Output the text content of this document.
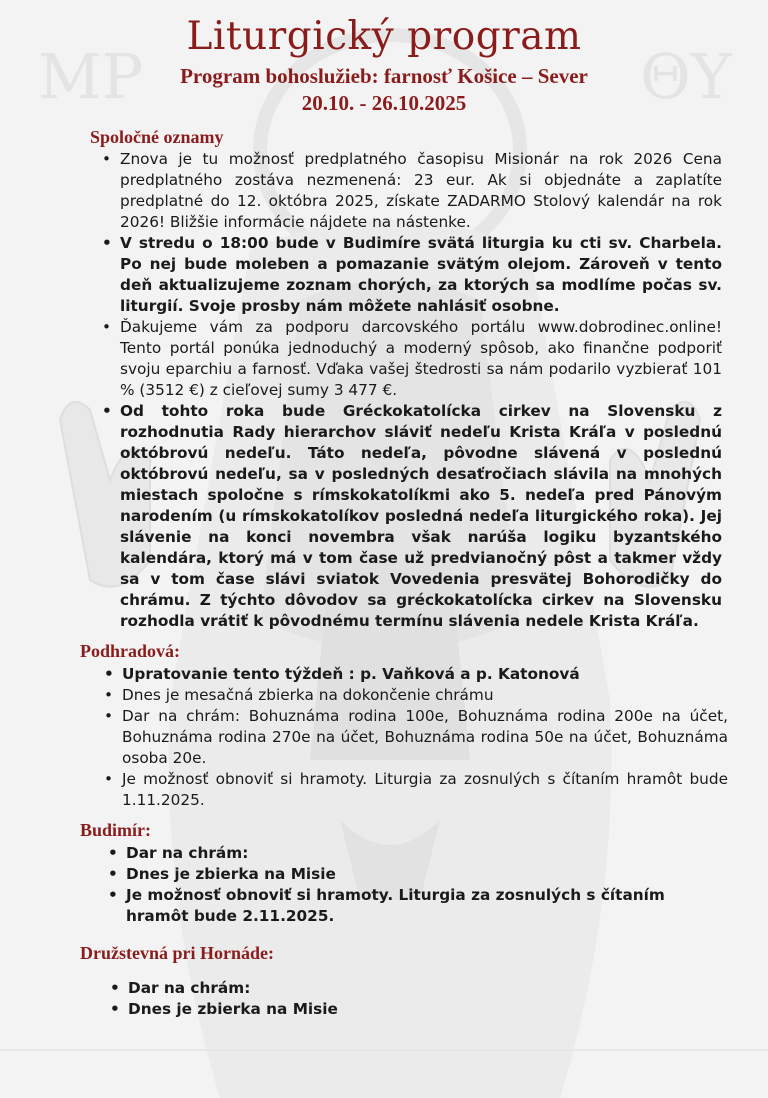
ΜΡ	ΘΥ
Liturgický program
Program bohoslužieb: farnosť Košice – Sever
20.10. - 26.10.2025
Spoločné oznamy
• Znova je tu možnosť predplatného časopisu Misionár na rok 2026 Cena predplatného zostáva nezmenená: 23 eur. Ak si objednáte a zaplatíte predplatné do 12. októbra 2025, získate ZADARMO Stolový kalendár na rok 2026! Bližšie informácie nájdete na nástenke.
• V stredu o 18:00 bude v Budimíre svätá liturgia ku cti sv. Charbela. Po nej bude moleben a pomazanie svätým olejom. Zároveň v tento deň aktualizujeme zoznam chorých, za ktorých sa modlíme počas sv. liturgií. Svoje prosby nám môžete nahlásiť osobne.
• Ďakujeme vám za podporu darcovského portálu www.dobrodinec.online! Tento portál ponúka jednoduchý a moderný spôsob, ako finančne podporiť svoju eparchiu a farnosť. Vďaka vašej štedrosti sa nám podarilo vyzbierať 101 % (3512 €) z cieľovej sumy 3 477 €.
• Od tohto roka bude Gréckokatolícka cirkev na Slovensku z rozhodnutia Rady hierarchov sláviť nedeľu Krista Kráľa v poslednú októbrovú nedeľu. Táto nedeľa, pôvodne slávená v poslednú októbrovú nedeľu, sa v posledných desaťročiach slávila na mnohých miestach spoločne s rímskokatolíkmi ako 5. nedeľa pred Pánovým narodením (u rímskokatolíkov posledná nedeľa liturgického roka). Jej slávenie na konci novembra však narúša logiku byzantského kalendára, ktorý má v tom čase už predvianočný pôst a takmer vždy sa v tom čase slávi sviatok Vovedenia presvätej Bohorodičky do chrámu. Z týchto dôvodov sa gréckokatolícka cirkev na Slovensku rozhodla vrátiť k pôvodnému termínu slávenia nedele Krista Kráľa.
Podhradová:
• Upratovanie tento týždeň : p. Vaňková a p. Katonová
• Dnes je mesačná zbierka na dokončenie chrámu
• Dar na chrám: Bohuznáma rodina 100e, Bohuznáma rodina 200e na účet, Bohuznáma rodina 270e na účet, Bohuznáma rodina 50e na účet, Bohuznáma osoba 20e.
• Je možnosť obnoviť si hramoty. Liturgia za zosnulých s čítaním hramôt bude 1.11.2025.
Budimír:
• Dar na chrám:
• Dnes je zbierka na Misie
• Je možnosť obnoviť si hramoty. Liturgia za zosnulých s čítaním hramôt bude 2.11.2025.
Družstevná pri Hornáde:
• Dar na chrám:
• Dnes je zbierka na Misie
